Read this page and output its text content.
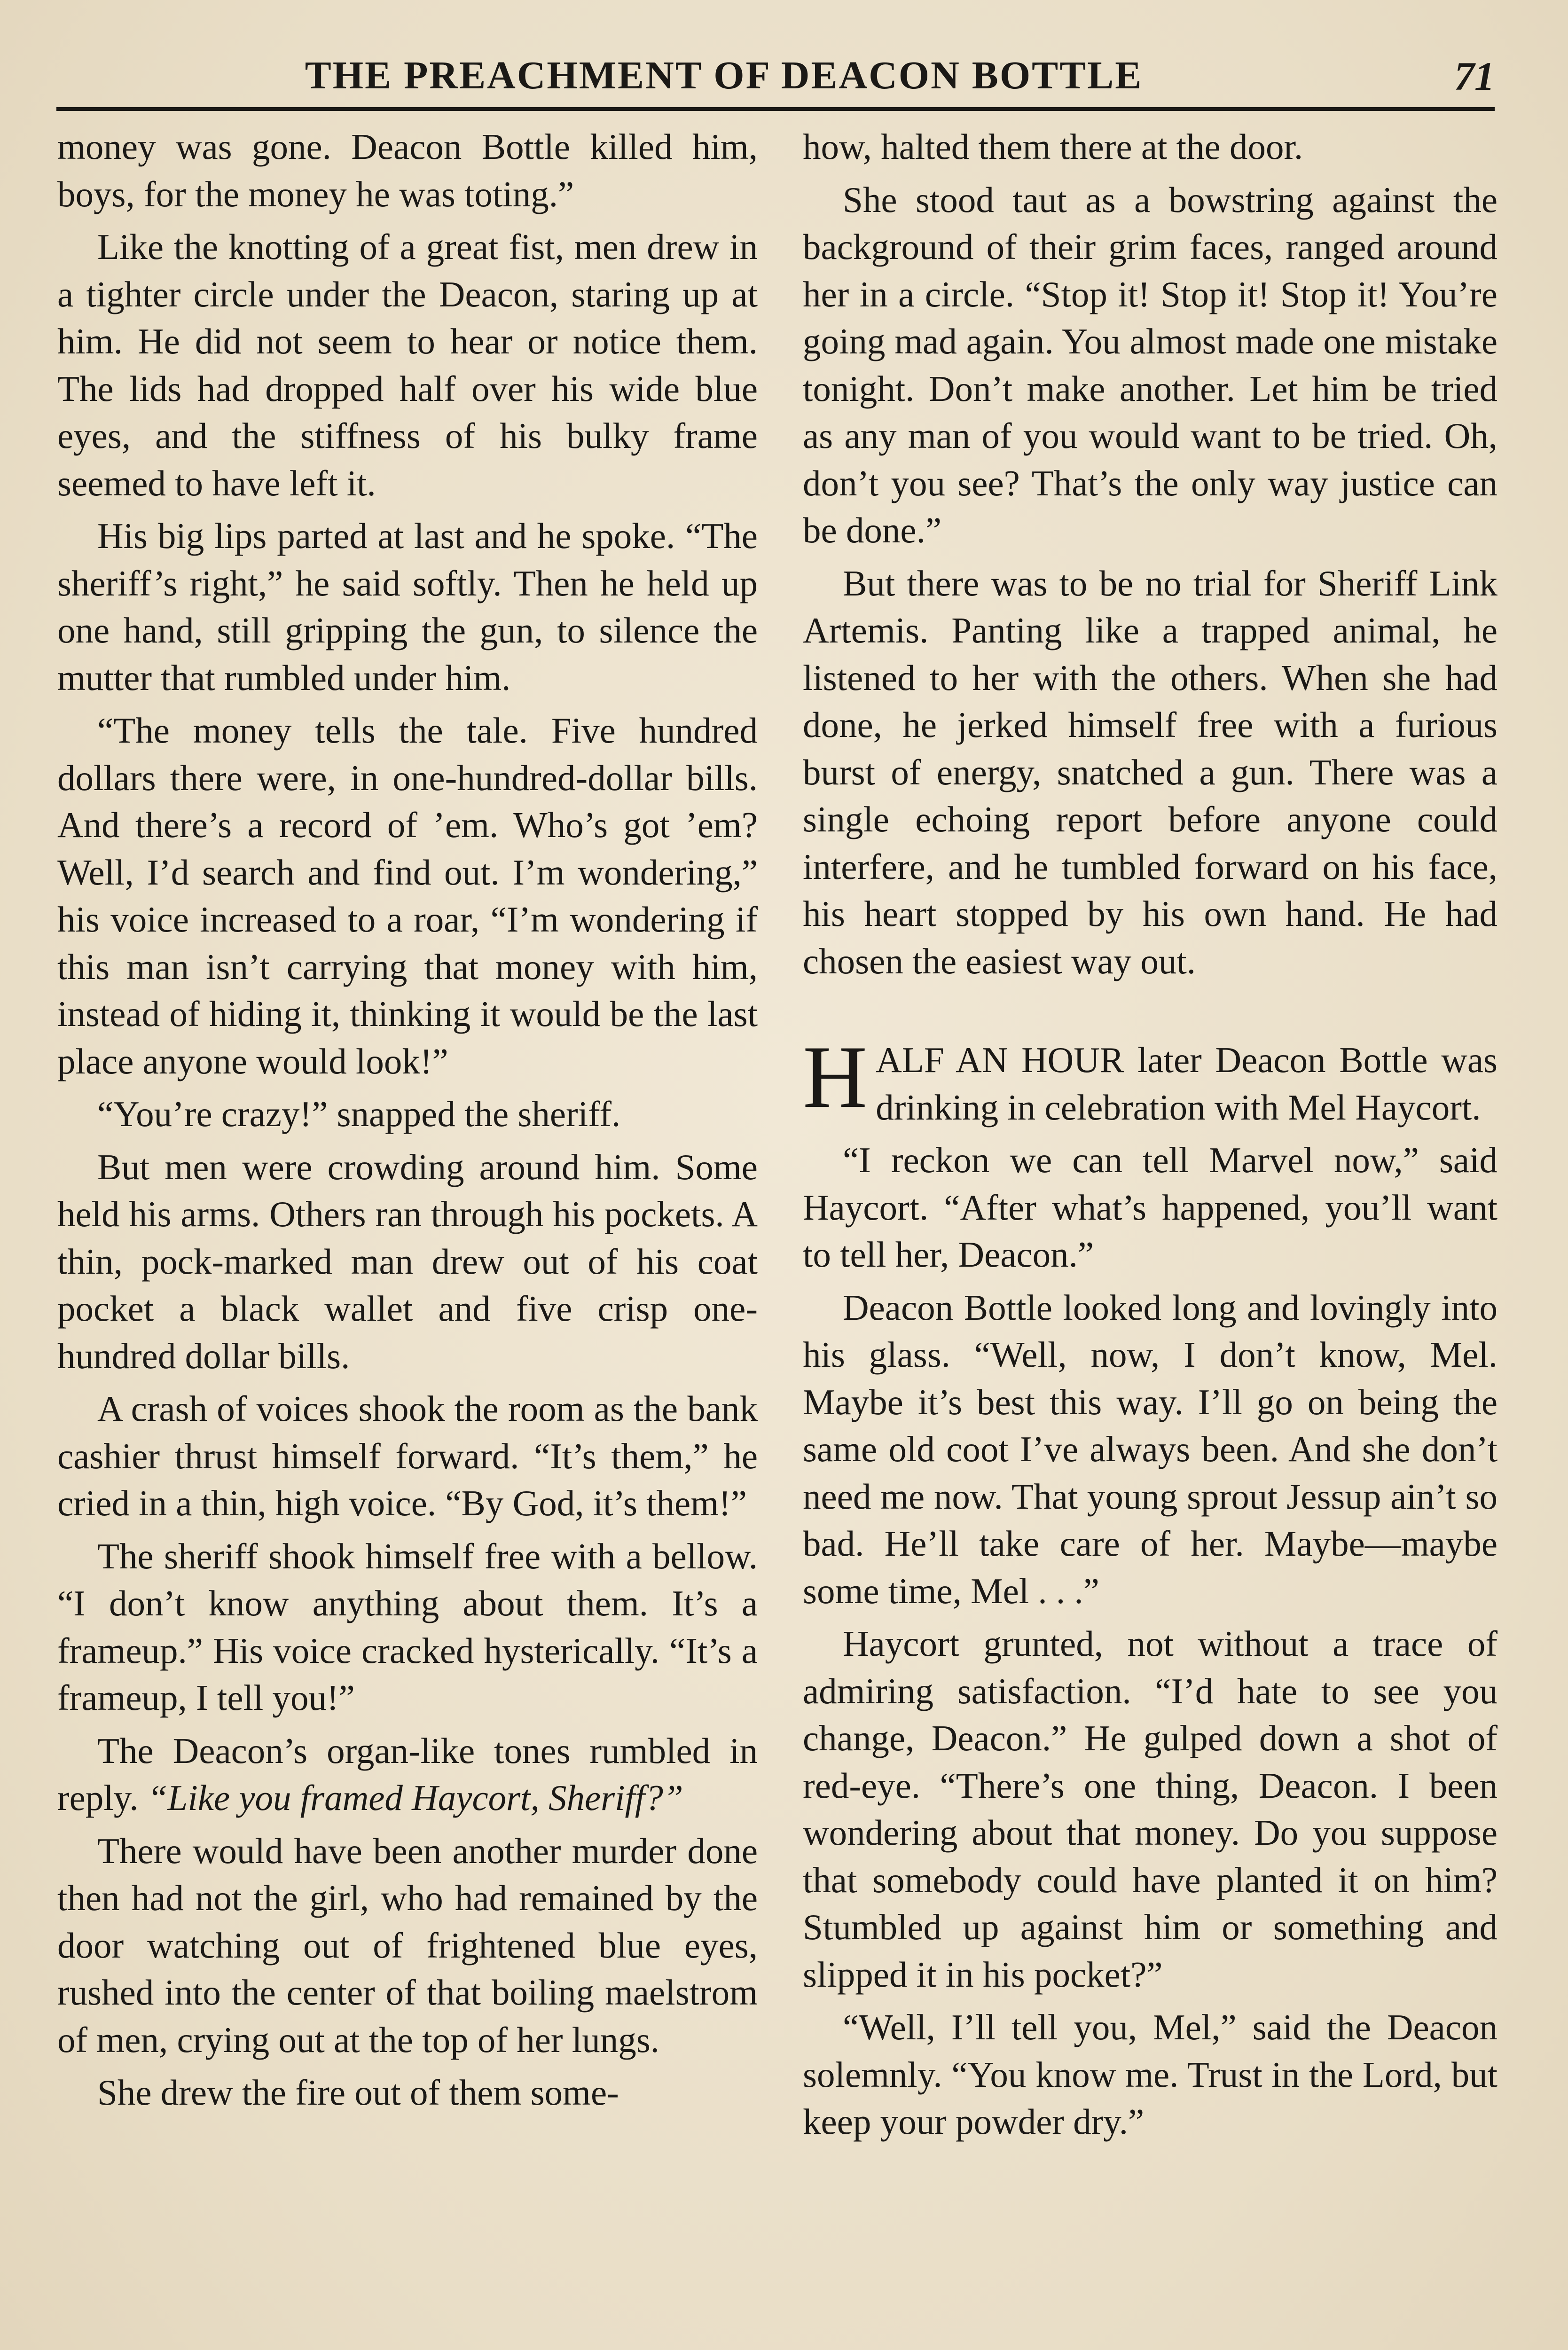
THE PREACHMENT OF DEACON BOTTLE	71

money was gone. Deacon Bottle killed him, boys, for the money he was toting.”

Like the knotting of a great fist, men drew in a tighter circle under the Deacon, staring up at him. He did not seem to hear or notice them. The lids had dropped half over his wide blue eyes, and the stiffness of his bulky frame seemed to have left it.

His big lips parted at last and he spoke. “The sheriff’s right,” he said softly. Then he held up one hand, still gripping the gun, to silence the mutter that rumbled under him.

“The money tells the tale. Five hundred dollars there were, in one-hundred-dollar bills. And there’s a record of ’em. Who’s got ’em? Well, I’d search and find out. I’m wondering,” his voice increased to a roar, “I’m wondering if this man isn’t carrying that money with him, instead of hiding it, thinking it would be the last place anyone would look!”

“You’re crazy!” snapped the sheriff.

But men were crowding around him. Some held his arms. Others ran through his pockets. A thin, pock-marked man drew out of his coat pocket a black wallet and five crisp one-hundred dollar bills.

A crash of voices shook the room as the bank cashier thrust himself forward. “It’s them,” he cried in a thin, high voice. “By God, it’s them!”

The sheriff shook himself free with a bellow. “I don’t know anything about them. It’s a frameup.” His voice cracked hysterically. “It’s a frameup, I tell you!”

The Deacon’s organ-like tones rumbled in reply. “Like you framed Haycort, Sheriff?”

There would have been another murder done then had not the girl, who had remained by the door watching out of frightened blue eyes, rushed into the center of that boiling maelstrom of men, crying out at the top of her lungs.

She drew the fire out of them some-

how, halted them there at the door.

She stood taut as a bowstring against the background of their grim faces, ranged around her in a circle. “Stop it! Stop it! Stop it! You’re going mad again. You almost made one mistake tonight. Don’t make another. Let him be tried as any man of you would want to be tried. Oh, don’t you see? That’s the only way justice can be done.”

But there was to be no trial for Sheriff Link Artemis. Panting like a trapped animal, he listened to her with the others. When she had done, he jerked himself free with a furious burst of energy, snatched a gun. There was a single echoing report before anyone could interfere, and he tumbled forward on his face, his heart stopped by his own hand. He had chosen the easiest way out.

HALF AN HOUR later Deacon Bottle was drinking in celebration with Mel Haycort.

“I reckon we can tell Marvel now,” said Haycort. “After what’s happened, you’ll want to tell her, Deacon.”

Deacon Bottle looked long and lovingly into his glass. “Well, now, I don’t know, Mel. Maybe it’s best this way. I’ll go on being the same old coot I’ve always been. And she don’t need me now. That young sprout Jessup ain’t so bad. He’ll take care of her. Maybe—maybe some time, Mel . . .”

Haycort grunted, not without a trace of admiring satisfaction. “I’d hate to see you change, Deacon.” He gulped down a shot of red-eye. “There’s one thing, Deacon. I been wondering about that money. Do you suppose that somebody could have planted it on him? Stumbled up against him or something and slipped it in his pocket?”

“Well, I’ll tell you, Mel,” said the Deacon solemnly. “You know me. Trust in the Lord, but keep your powder dry.”
